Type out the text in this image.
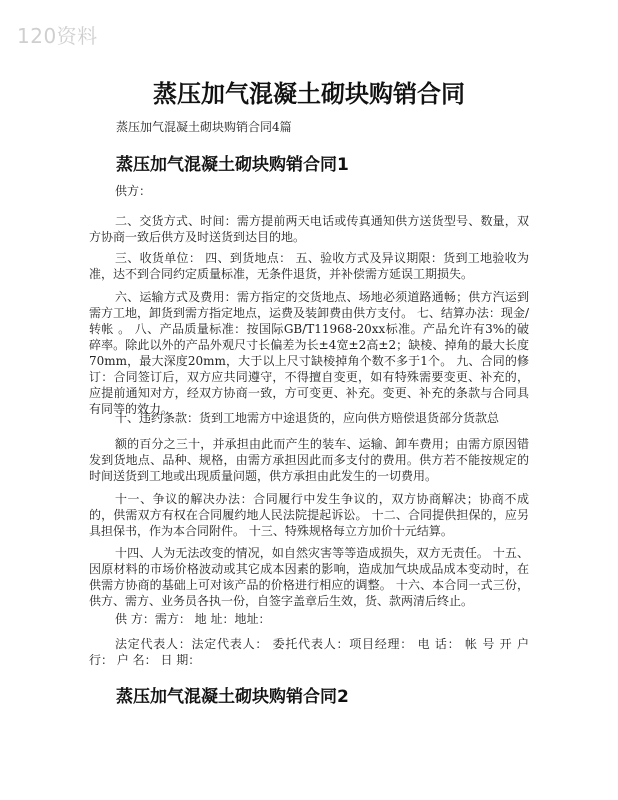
120资料
蒸压加气混凝土砌块购销合同
蒸压加气混凝土砌块购销合同4篇
蒸压加气混凝土砌块购销合同1

供方：

二、交货方式、时间：需方提前两天电话或传真通知供方送货型号、数量，双方协商一致后供方及时送货到达目的地。

三、收货单位： 四、到货地点： 五、验收方式及异议期限：货到工地验收为准，达不到合同约定质量标准，无条件退货，并补偿需方延误工期损失。

六、运输方式及费用：需方指定的交货地点、场地必须道路通畅；供方汽运到需方工地，卸货到需方指定地点，运费及装卸费由供方支付。 七、结算办法：现金/转帐 。 八、产品质量标准：按国际GB/T11968-20xx标准。产品允许有3%的破碎率。除此以外的产品外观尺寸长偏差为长±4宽±2高±2；缺棱、掉角的最大长度70mm，最大深度20mm，大于以上尺寸缺棱掉角个数不多于1个。 九、合同的修订：合同签订后，双方应共同遵守，不得擅自变更，如有特殊需要变更、补充的，应提前通知对方，经双方协商一致，方可变更、补充。变更、补充的条款与合同具有同等的效力。

十、违约条款：货到工地需方中途退货的，应向供方赔偿退货部分货款总

额的百分之三十，并承担由此而产生的装车、运输、卸车费用；由需方原因错发到货地点、品种、规格，由需方承担因此而多支付的费用。供方若不能按规定的时间送货到工地或出现质量问题，供方承担由此发生的一切费用。

十一、争议的解决办法：合同履行中发生争议的，双方协商解决；协商不成的，供需双方有权在合同履约地人民法院提起诉讼。 十二、合同提供担保的，应另具担保书，作为本合同附件。 十三、特殊规格每立方加价十元结算。

十四、人为无法改变的情况，如自然灾害等等造成损失，双方无责任。 十五、因原材料的市场价格波动或其它成本因素的影响，造成加气块成品成本变动时，在供需方协商的基础上可对该产品的价格进行相应的调整。 十六、本合同一式三份，供方、需方、业务员各执一份，自签字盖章后生效，货、款两清后终止。

供 方：需方： 地 址：地址：

法定代表人：法定代表人： 委托代表人：项目经理： 电 话： 帐 号 开 户 行： 户 名： 日 期：

蒸压加气混凝土砌块购销合同2
